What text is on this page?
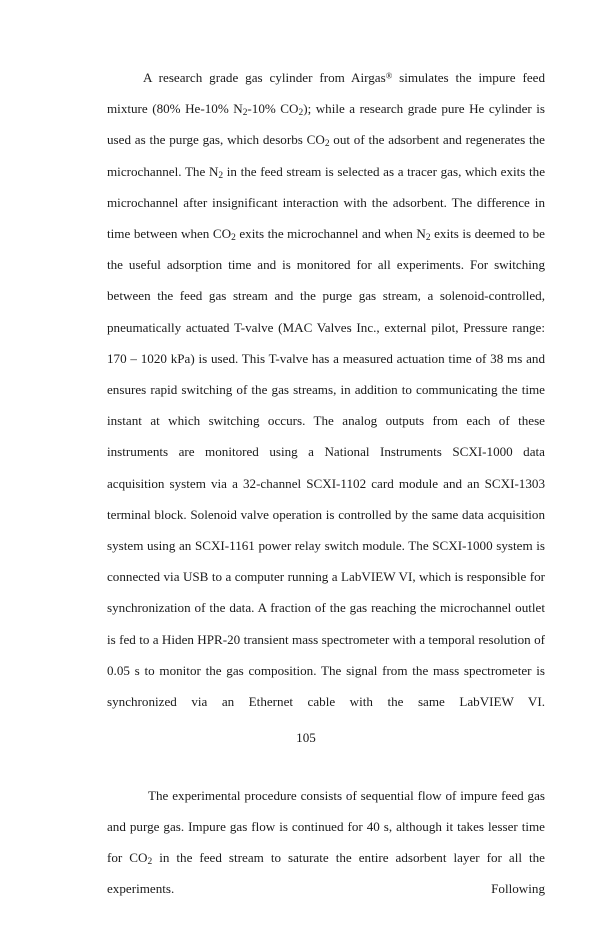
A research grade gas cylinder from Airgas® simulates the impure feed mixture (80% He-10% $N_2-10\%$ $CO_2$); while a research grade pure He cylinder is used as the purge gas, which desorbs $CO_2$ out of the adsorbent and regenerates the microchannel. The $N_2$ in the feed stream is selected as a tracer gas, which exits the microchannel after insignificant interaction with the adsorbent. The difference in time between when $CO_2$ exits the microchannel and when $N_2$ exits is deemed to be the useful adsorption time and is monitored for all experiments. For switching between the feed gas stream and the purge gas stream, a solenoid-controlled, pneumatically actuated T-valve (MAC Valves Inc., external pilot, Pressure range: 170 – 1020 kPa) is used. This T-valve has a measured actuation time of 38 ms and ensures rapid switching of the gas streams, in addition to communicating the time instant at which switching occurs. The analog outputs from each of these instruments are monitored using a National Instruments SCXI-1000 data acquisition system via a 32-channel SCXI-1102 card module and an SCXI-1303 terminal block. Solenoid valve operation is controlled by the same data acquisition system using an SCXI-1161 power relay switch module. The SCXI-1000 system is connected via USB to a computer running a LabVIEW VI, which is responsible for synchronization of the data. A fraction of the gas reaching the microchannel outlet is fed to a Hiden HPR-20 transient mass spectrometer with a temporal resolution of 0.05 s to monitor the gas composition. The signal from the mass spectrometer is synchronized via an Ethernet cable with the same LabVIEW VI.

The experimental procedure consists of sequential flow of impure feed gas and purge gas. Impure gas flow is continued for 40 s, although it takes lesser time for $CO_2$ in the feed stream to saturate the entire adsorbent layer for all the experiments. Following

105
